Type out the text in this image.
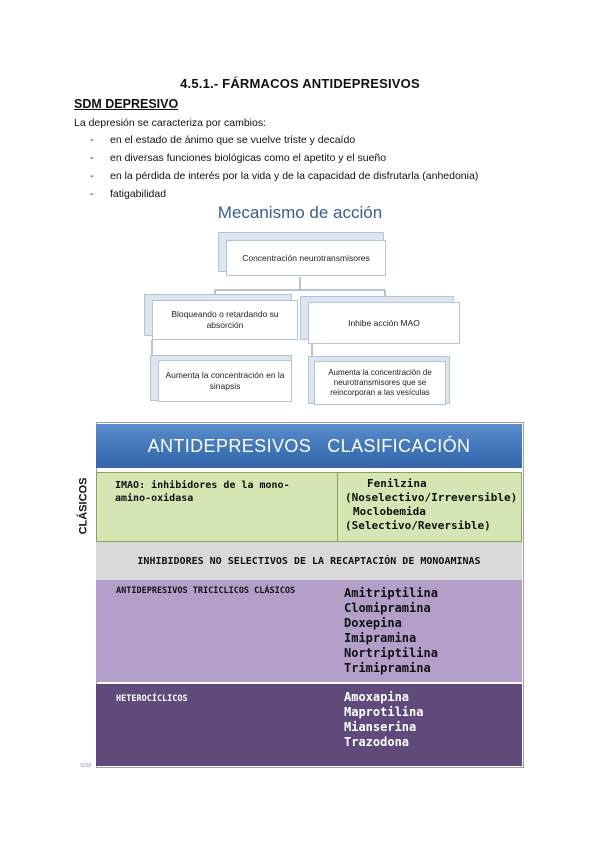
4.5.1.- FÁRMACOS ANTIDEPRESIVOS
SDM DEPRESIVO
La depresión se caracteriza por cambios:
- en el estado de ánimo que se vuelve triste y decaído
- en diversas funciones biológicas como el apetito y el sueño
- en la pérdida de interés por la vida y de la capacidad de disfrutarla (anhedonia)
- fatigabilidad
Mecanismo de acción
Concentración neurotransmisores
Bloqueando o retardando su absorción	Inhibe acción MAO
Aumenta la concentración en la sinapsis
Aumenta la concentración de neurotransmisores que se reincorporan a las vesículas
ANTIDEPRESIVOS CLASIFICACIÓN
CLÁSICOS	IMAO: inhibidores de la mono-amino-oxidasa
Fenilzina
(Noselectivo/Irreversible)
Moclobemida
(Selectivo/Reversible)
INHIBIDORES NO SELECTIVOS DE LA RECAPTACIÓN DE MONOAMINAS
ANTIDEPRESIVOS TRICICLICOS CLÁSICOS	Amitriptilina
Clomipramina
Doxepina
Imipramina
Nortriptilina
Trimipramina
HETEROCÍCLICOS	Amoxapina
Maprotilina
Mianserina
Trazodona
SDM
